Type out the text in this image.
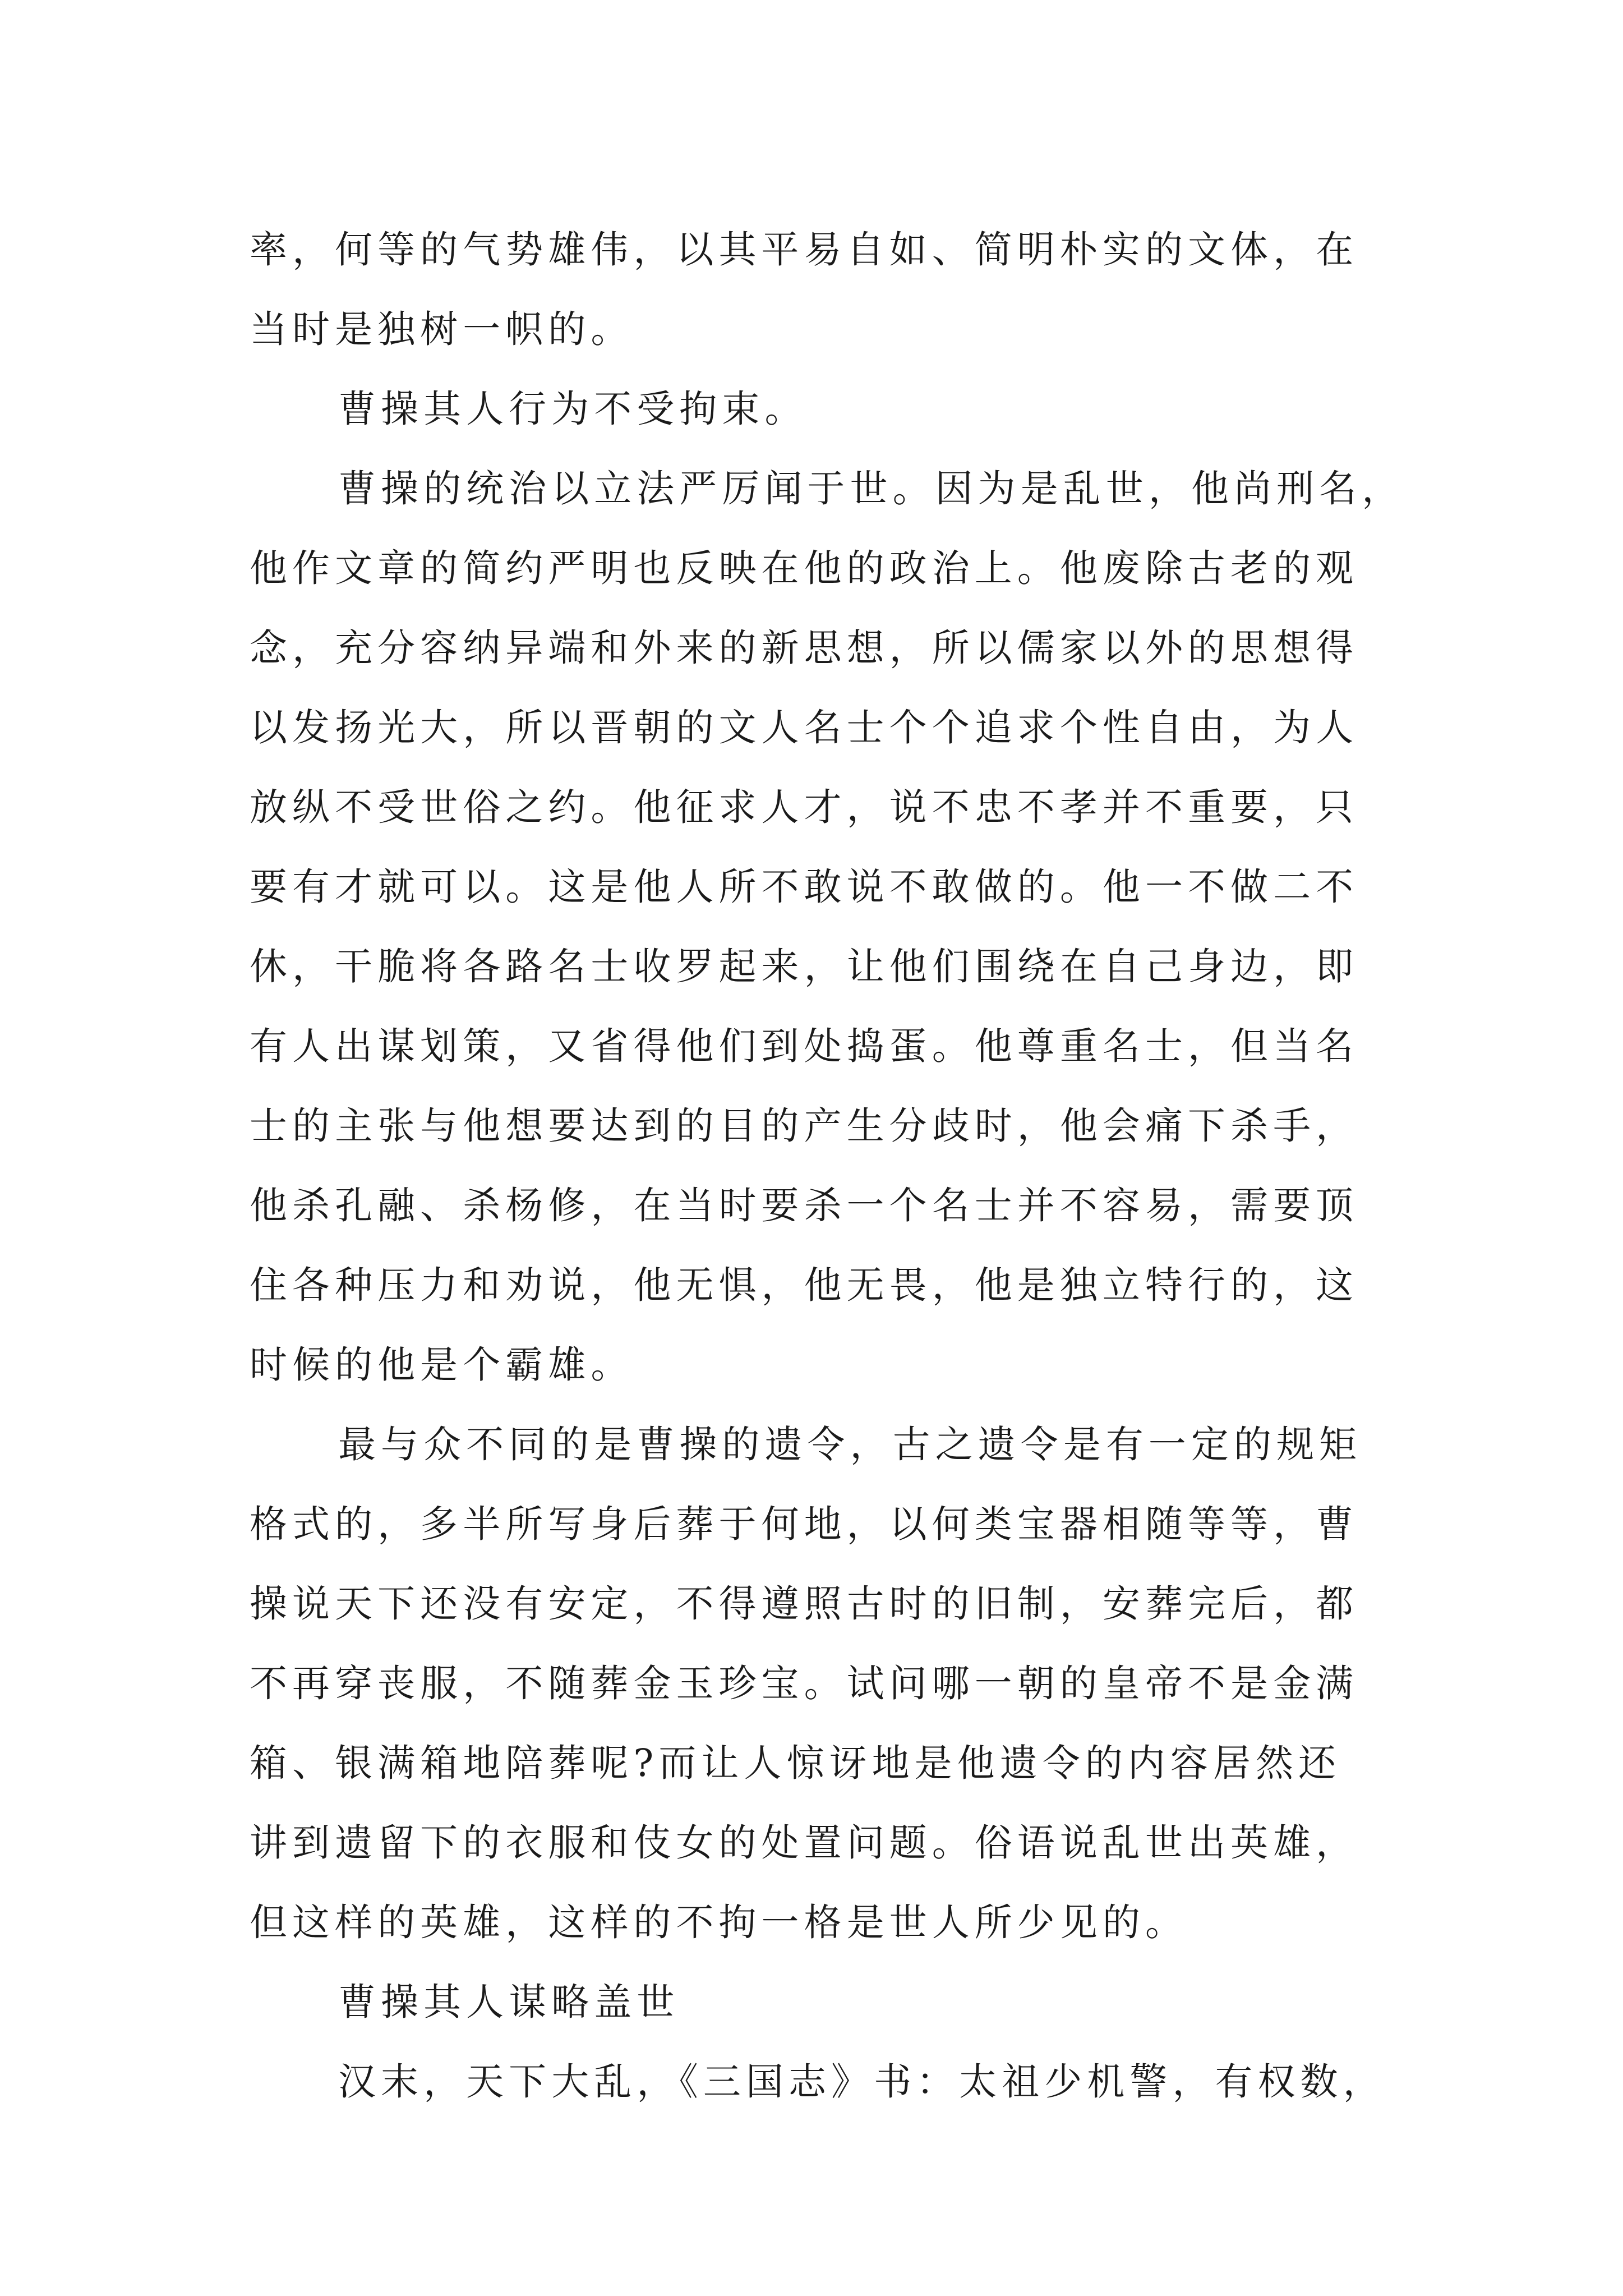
率，何等的气势雄伟，以其平易自如、简明朴实的文体，在
当时是独树一帜的。
曹操其人行为不受拘束。
曹操的统治以立法严厉闻于世。因为是乱世，他尚刑名，
他作文章的简约严明也反映在他的政治上。他废除古老的观
念，充分容纳异端和外来的新思想，所以儒家以外的思想得
以发扬光大，所以晋朝的文人名士个个追求个性自由，为人
放纵不受世俗之约。他征求人才，说不忠不孝并不重要，只
要有才就可以。这是他人所不敢说不敢做的。他一不做二不
休，干脆将各路名士收罗起来，让他们围绕在自己身边，即
有人出谋划策，又省得他们到处捣蛋。他尊重名士，但当名
士的主张与他想要达到的目的产生分歧时，他会痛下杀手，
他杀孔融、杀杨修，在当时要杀一个名士并不容易，需要顶
住各种压力和劝说，他无惧，他无畏，他是独立特行的，这
时候的他是个霸雄。
最与众不同的是曹操的遗令，古之遗令是有一定的规矩
格式的，多半所写身后葬于何地，以何类宝器相随等等，曹
操说天下还没有安定，不得遵照古时的旧制，安葬完后，都
不再穿丧服，不随葬金玉珍宝。试问哪一朝的皇帝不是金满
箱、银满箱地陪葬呢?而让人惊讶地是他遗令的内容居然还
讲到遗留下的衣服和伎女的处置问题。俗语说乱世出英雄，
但这样的英雄，这样的不拘一格是世人所少见的。
曹操其人谋略盖世
汉末，天下大乱，《三国志》书：太祖少机警，有权数，
